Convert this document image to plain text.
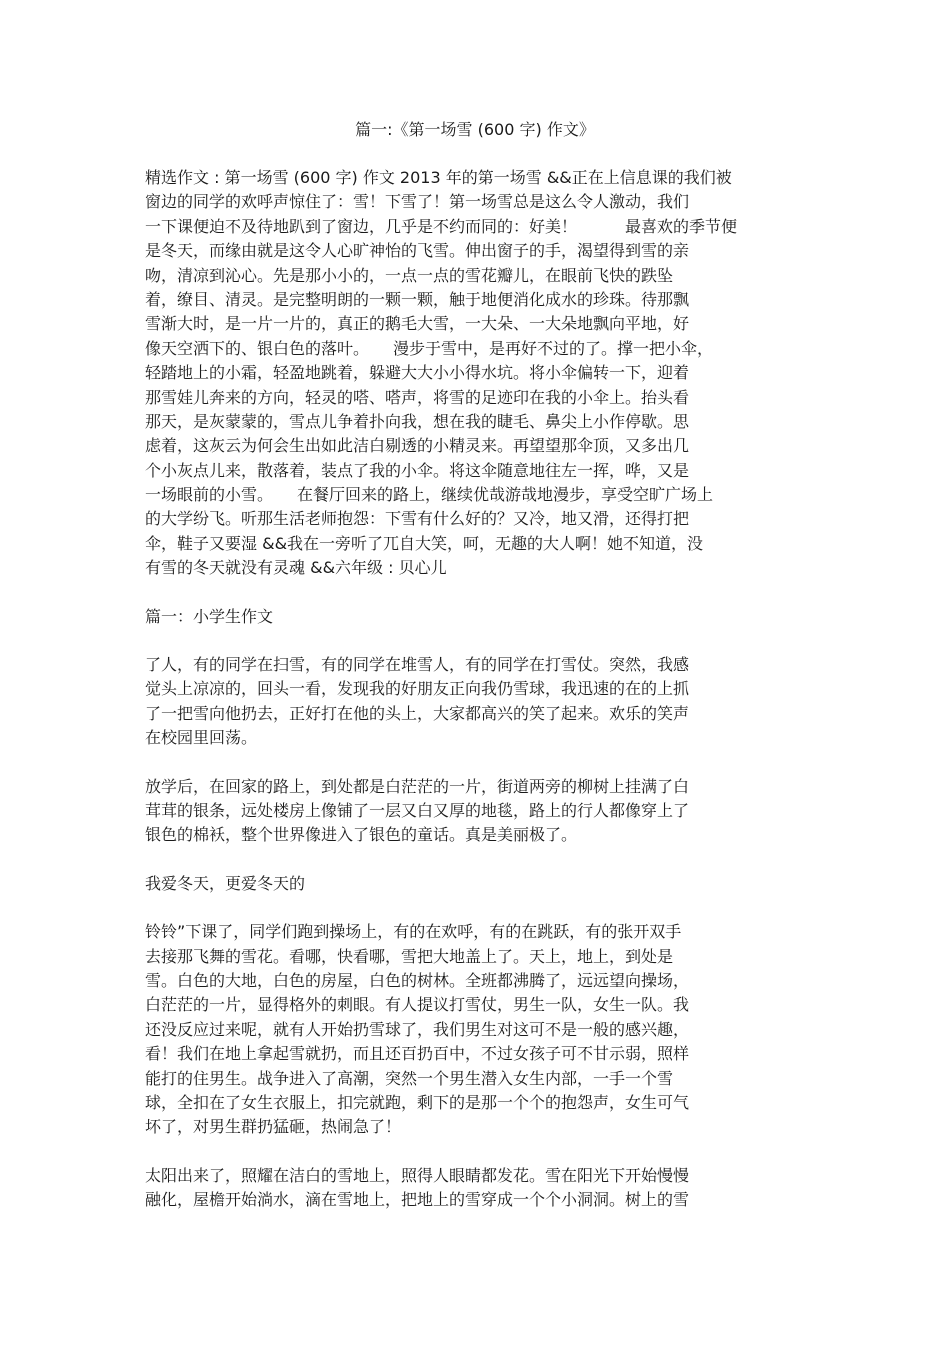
篇一:《第一场雪 (600 字) 作文》
精选作文 : 第一场雪 (600 字) 作文 2013 年的第一场雪 &&正在上信息课的我们被
窗边的同学的欢呼声惊住了：雪！下雪了！第一场雪总是这么令人激动，我们
一下课便迫不及待地趴到了窗边，几乎是不约而同的：好美！　　　最喜欢的季节便
是冬天，而缘由就是这令人心旷神怡的飞雪。伸出窗子的手，渴望得到雪的亲
吻，清凉到沁心。先是那小小的，一点一点的雪花瓣儿，在眼前飞快的跌坠
着，缭目、清灵。是完整明朗的一颗一颗，触于地便消化成水的珍珠。待那飘
雪渐大时，是一片一片的，真正的鹅毛大雪，一大朵、一大朵地飘向平地，好
像天空洒下的、银白色的落叶。　　漫步于雪中，是再好不过的了。撑一把小伞，
轻踏地上的小霜，轻盈地跳着，躲避大大小小得水坑。将小伞偏转一下，迎着
那雪娃儿奔来的方向，轻灵的嗒、嗒声，将雪的足迹印在我的小伞上。抬头看
那天，是灰蒙蒙的，雪点儿争着扑向我，想在我的睫毛、鼻尖上小作停歇。思
虑着，这灰云为何会生出如此洁白剔透的小精灵来。再望望那伞顶，又多出几
个小灰点儿来，散落着，装点了我的小伞。将这伞随意地往左一挥，哗，又是
一场眼前的小雪。　　在餐厅回来的路上，继续优哉游哉地漫步，享受空旷广场上
的大学纷飞。听那生活老师抱怨：下雪有什么好的？又冷，地又滑，还得打把
伞，鞋子又要湿 &&我在一旁听了兀自大笑，呵，无趣的大人啊！她不知道，没
有雪的冬天就没有灵魂 &&六年级 : 贝心儿
篇一：小学生作文
了人，有的同学在扫雪，有的同学在堆雪人，有的同学在打雪仗。突然，我感
觉头上凉凉的，回头一看，发现我的好朋友正向我仍雪球，我迅速的在的上抓
了一把雪向他扔去，正好打在他的头上，大家都高兴的笑了起来。欢乐的笑声
在校园里回荡。
放学后，在回家的路上，到处都是白茫茫的一片，街道两旁的柳树上挂满了白
茸茸的银条，远处楼房上像铺了一层又白又厚的地毯，路上的行人都像穿上了
银色的棉袄，整个世界像进入了银色的童话。真是美丽极了。
我爱冬天，更爱冬天的
铃铃”下课了，同学们跑到操场上，有的在欢呼，有的在跳跃，有的张开双手
去接那飞舞的雪花。看哪，快看哪，雪把大地盖上了。天上，地上，到处是
雪。白色的大地，白色的房屋，白色的树林。全班都沸腾了，远远望向操场，
白茫茫的一片，显得格外的刺眼。有人提议打雪仗，男生一队，女生一队。我
还没反应过来呢，就有人开始扔雪球了，我们男生对这可不是一般的感兴趣，
看！我们在地上拿起雪就扔，而且还百扔百中，不过女孩子可不甘示弱，照样
能打的住男生。战争进入了高潮，突然一个男生潜入女生内部，一手一个雪
球，全扣在了女生衣服上，扣完就跑，剩下的是那一个个的抱怨声，女生可气
坏了，对男生群扔猛砸，热闹急了！
太阳出来了，照耀在洁白的雪地上，照得人眼睛都发花。雪在阳光下开始慢慢
融化，屋檐开始淌水，滴在雪地上，把地上的雪穿成一个个小洞洞。树上的雪
